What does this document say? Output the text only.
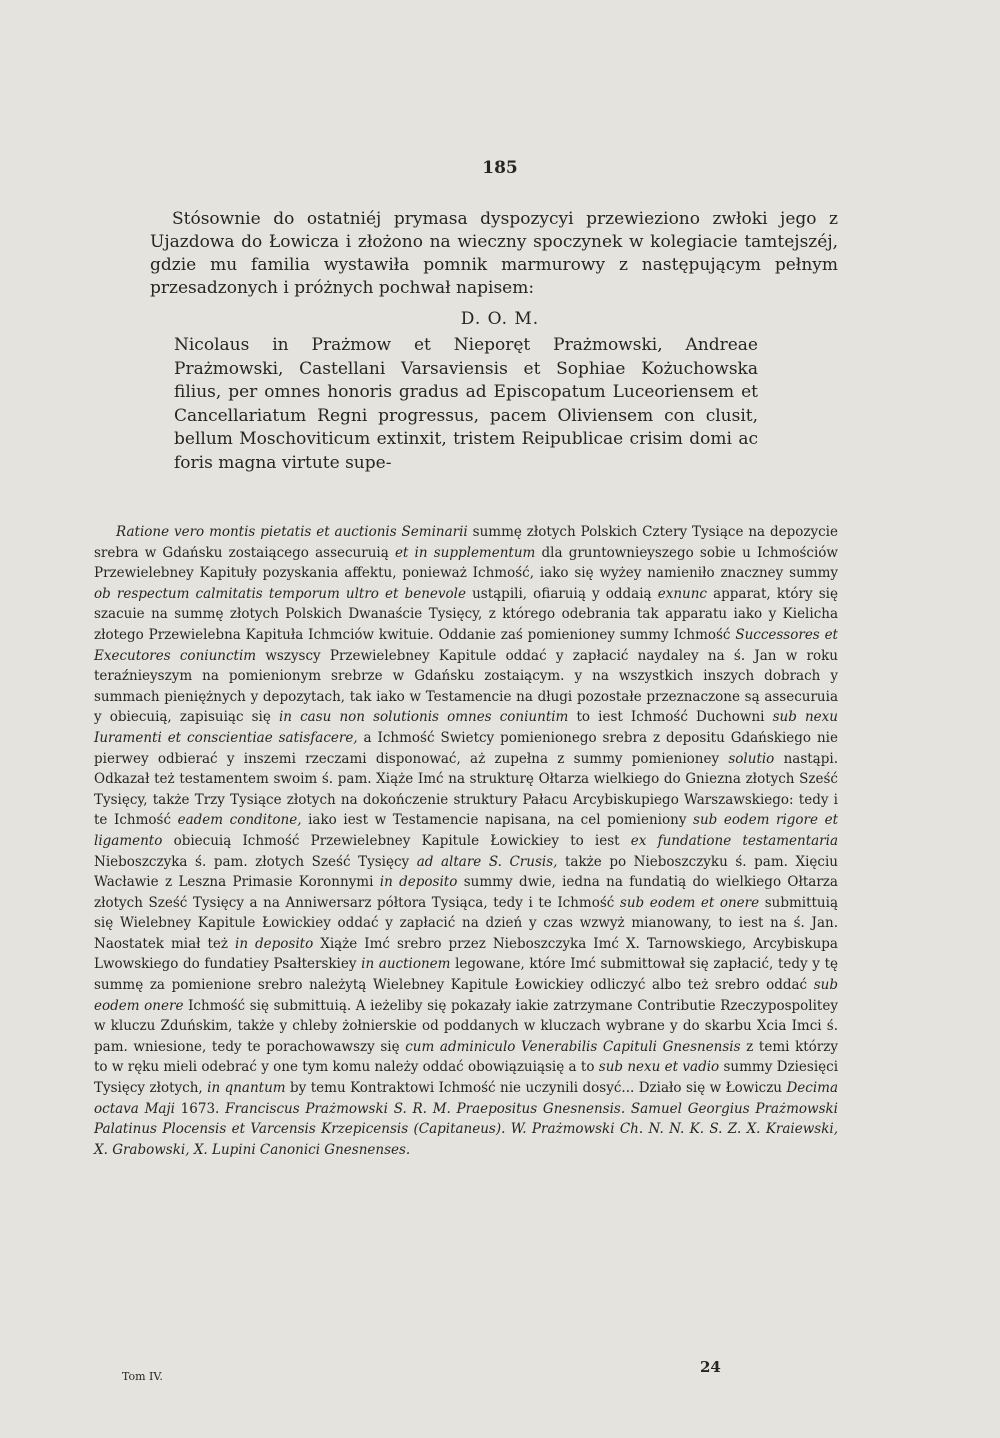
185

Stósownie do ostatniéj prymasa dyspozycyi przewieziono zwłoki jego z Ujazdowa do Łowicza i złożono na wieczny spoczynek w kolegiacie tamtejszéj, gdzie mu familia wystawiła pomnik marmurowy z następującym pełnym przesadzonych i próżnych pochwał napisem:

D. O. M.

Nicolaus in Prażmow et Nieporęt Prażmowski, Andreae Prażmowski, Castellani Varsaviensis et Sophiae Kożuchowska filius, per omnes honoris gradus ad Episcopatum Luceoriensem et Cancellariatum Regni progressus, pacem Oliviensem con clusit, bellum Moschoviticum extinxit, tristem Reipublicae crisim domi ac foris magna virtute supe-

Ratione vero montis pietatis et auctionis Seminarii summę złotych Polskich Cztery Tysiące na depozycie srebra w Gdańsku zostaiącego assecuruią et in supplementum dla gruntownieyszego sobie u Ichmościów Przewielebney Kapituły pozyskania affektu, ponieważ Ichmość, iako się wyżey namieniło znaczney summy ob respectum calmitatis temporum ultro et benevole ustąpili, ofiaruią y oddaią exnunc apparat, który się szacuie na summę złotych Polskich Dwanaście Tysięcy, z którego odebrania tak apparatu iako y Kielicha złotego Przewielebna Kapituła Ichmciów kwituie. Oddanie zaś pomienioney summy Ichmość Successores et Executores coniunctim wszyscy Przewielebney Kapitule oddać y zapłacić naydaley na ś. Jan w roku teraźnieyszym na pomienionym srebrze w Gdańsku zostaiącym. y na wszystkich inszych dobrach y summach pieniężnych y depozytach, tak iako w Testamencie na długi pozostałe przeznaczone są assecuruia y obiecuią, zapisuiąc się in casu non solutionis omnes coniuntim to iest Ichmość Duchowni sub nexu Iuramenti et conscientiae satisfacere, a Ichmość Swietcy pomienionego srebra z depositu Gdańskiego nie pierwey odbierać y inszemi rzeczami disponować, aż zupełna z summy pomienioney solutio nastąpi. Odkazał też testamentem swoim ś. pam. Xiąże Imć na strukturę Ołtarza wielkiego do Gniezna złotych Sześć Tysięcy, także Trzy Tysiące złotych na dokończenie struktury Pałacu Arcybiskupiego Warszawskiego: tedy i te Ichmość eadem conditone, iako iest w Testamencie napisana, na cel pomieniony sub eodem rigore et ligamento obiecuią Ichmość Przewielebney Kapitule Łowickiey to iest ex fundatione testamentaria Nieboszczyka ś. pam. złotych Sześć Tysięcy ad altare S. Crusis, także po Nieboszczyku ś. pam. Xięciu Wacławie z Leszna Primasie Koronnymi in deposito summy dwie, iedna na fundatią do wielkiego Ołtarza złotych Sześć Tysięcy a na Anniwersarz półtora Tysiąca, tedy i te Ichmość sub eodem et onere submittuią się Wielebney Kapitule Łowickiey oddać y zapłacić na dzień y czas wzwyż mianowany, to iest na ś. Jan. Naostatek miał też in deposito Xiąże Imć srebro przez Nieboszczyka Imć X. Tarnowskiego, Arcybiskupa Lwowskiego do fundatiey Psałterskiey in auctionem legowane, które Imć submittował się zapłacić, tedy y tę summę za pomienione srebro należytą Wielebney Kapitule Łowickiey odliczyć albo też srebro oddać sub eodem onere Ichmość się submittuią. A ieżeliby się pokazały iakie zatrzymane Contributie Rzeczypospolitey w kluczu Zduńskim, także y chleby żołnierskie od poddanych w kluczach wybrane y do skarbu Xcia Imci ś. pam. wniesione, tedy te porachowawszy się cum adminiculo Venerabilis Capituli Gnesnensis z temi którzy to w ręku mieli odebrać y one tym komu należy oddać obowiązuiąsię a to sub nexu et vadio summy Dziesięci Tysięcy złotych, in qnantum by temu Kontraktowi Ichmość nie uczynili dosyć... Działo się w Łowiczu Decima octava Maji 1673. Franciscus Prażmowski S. R. M. Praepositus Gnesnensis. Samuel Georgius Prażmowski Palatinus Plocensis et Varcensis Krzepicensis (Capitaneus). W. Prażmowski Ch. N. N. K. S. Z. X. Kraiewski, X. Grabowski, X. Lupini Canonici Gnesnenses.

Tom IV.
24
